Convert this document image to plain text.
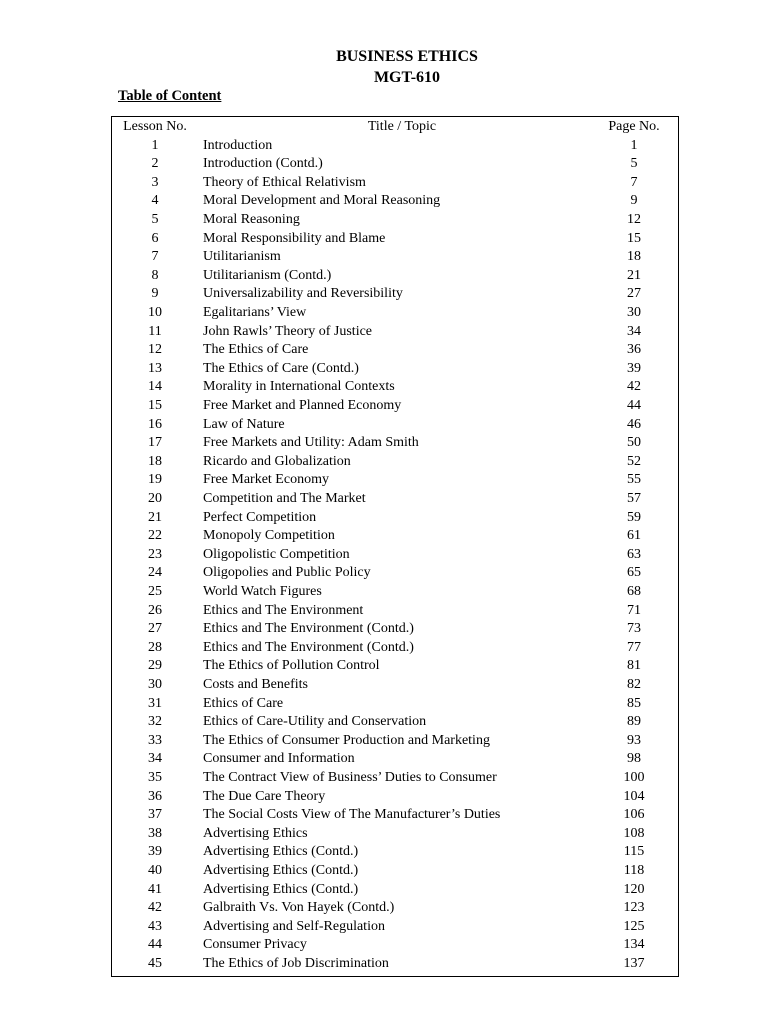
BUSINESS ETHICS
MGT-610
Table of Content
Lesson No.	Title / Topic	Page No.
1	Introduction	1
2	Introduction (Contd.)	5
3	Theory of Ethical Relativism	7
4	Moral Development and Moral Reasoning	9
5	Moral Reasoning	12
6	Moral Responsibility and Blame	15
7	Utilitarianism	18
8	Utilitarianism (Contd.)	21
9	Universalizability and Reversibility	27
10	Egalitarians’ View	30
11	John Rawls’ Theory of Justice	34
12	The Ethics of Care	36
13	The Ethics of Care (Contd.)	39
14	Morality in International Contexts	42
15	Free Market and Planned Economy	44
16	Law of Nature	46
17	Free Markets and Utility: Adam Smith	50
18	Ricardo and Globalization	52
19	Free Market Economy	55
20	Competition and The Market	57
21	Perfect Competition	59
22	Monopoly Competition	61
23	Oligopolistic Competition	63
24	Oligopolies and Public Policy	65
25	World Watch Figures	68
26	Ethics and The Environment	71
27	Ethics and The Environment (Contd.)	73
28	Ethics and The Environment (Contd.)	77
29	The Ethics of Pollution Control	81
30	Costs and Benefits	82
31	Ethics of Care	85
32	Ethics of Care-Utility and Conservation	89
33	The Ethics of Consumer Production and Marketing	93
34	Consumer and Information	98
35	The Contract View of Business’ Duties to Consumer	100
36	The Due Care Theory	104
37	The Social Costs View of The Manufacturer’s Duties	106
38	Advertising Ethics	108
39	Advertising Ethics (Contd.)	115
40	Advertising Ethics (Contd.)	118
41	Advertising Ethics (Contd.)	120
42	Galbraith Vs. Von Hayek (Contd.)	123
43	Advertising and Self-Regulation	125
44	Consumer Privacy	134
45	The Ethics of Job Discrimination	137
